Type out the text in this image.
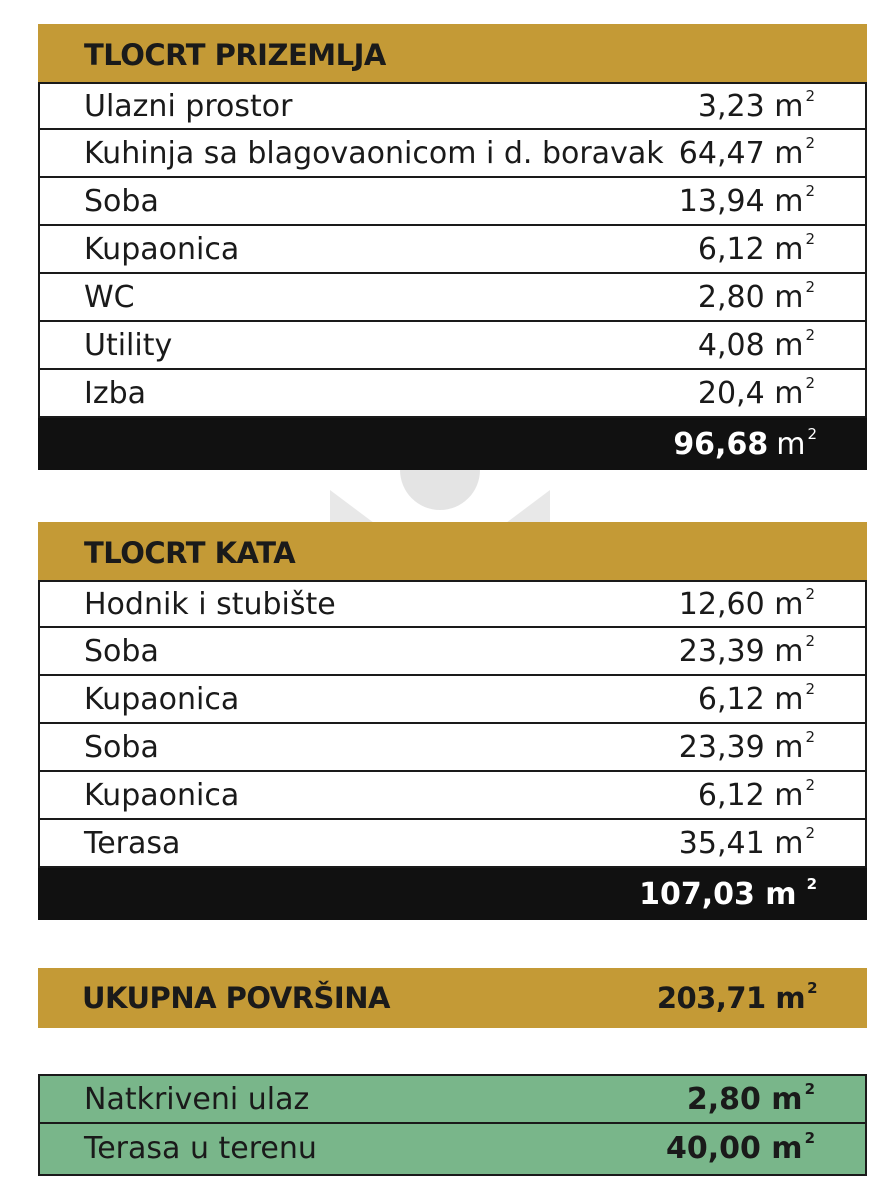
TLOCRT PRIZEMLJA
Ulazni prostor	3,23 m $^2$
Kuhinja sa blagovaonicom i d. boravak 64,47 m $^2$
Soba	13,94 m $^2$
Kupaonica	6,12 m $^2$
WC	2,80 m $^2$
Utility	4,08 m $^2$
Izba	20,4 m $^2$
96,68 m $^2$
TLOCRT KATA
Hodnik i stubište	12,60 m $^2$
Soba	23,39 m $^2$
Kupaonica	6,12 m $^2$
Soba	23,39 m $^2$
Kupaonica	6,12 m $^2$
Terasa	35,41 m $^2$
107,03 m $^2$
UKUPNA POVRŠINA	203,71 m $^2$
Natkriveni ulaz	2,80 m $^2$
Terasa u terenu	40,00 m $^2$
